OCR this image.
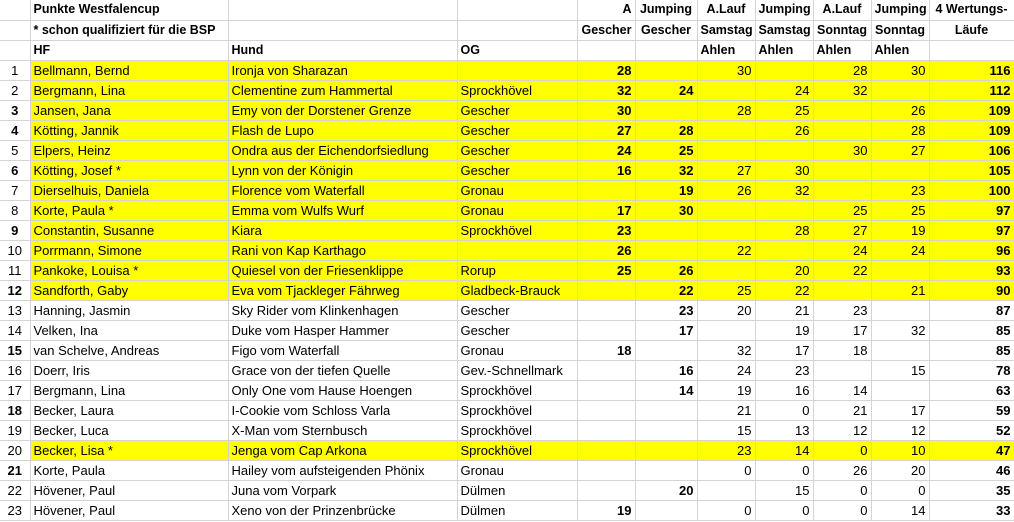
	Punkte Westfalencup			A	Jumping	A.Lauf	Jumping	A.Lauf	Jumping	4 Wertungs-
	* schon qualifiziert für die BSP			Gescher	Gescher	Samstag	Samstag	Sonntag	Sonntag	Läufe
	HF	Hund	OG			Ahlen	Ahlen	Ahlen	Ahlen	
1	Bellmann, Bernd	Ironja von Sharazan		28		30		28	30	116
2	Bergmann, Lina	Clementine zum Hammertal	Sprockhövel	32	24		24	32		112
3	Jansen, Jana	Emy von der Dorstener Grenze	Gescher	30		28	25		26	109
4	Kötting, Jannik	Flash de Lupo	Gescher	27	28		26		28	109
5	Elpers, Heinz	Ondra aus der Eichendorfsiedlung	Gescher	24	25			30	27	106
6	Kötting, Josef *	Lynn von der Königin	Gescher	16	32	27	30			105
7	Dierselhuis, Daniela	Florence vom Waterfall	Gronau		19	26	32		23	100
8	Korte, Paula *	Emma vom Wulfs Wurf	Gronau	17	30			25	25	97
9	Constantin, Susanne	Kiara	Sprockhövel	23			28	27	19	97
10	Porrmann, Simone	Rani von Kap Karthago		26		22		24	24	96
11	Pankoke, Louisa *	Quiesel von der Friesenklippe	Rorup	25	26		20	22		93
12	Sandforth, Gaby	Eva vom Tjackleger Fährweg	Gladbeck-Brauck		22	25	22		21	90
13	Hanning, Jasmin	Sky Rider vom Klinkenhagen	Gescher		23	20	21	23		87
14	Velken, Ina	Duke vom Hasper Hammer	Gescher		17		19	17	32	85
15	van Schelve, Andreas	Figo vom Waterfall	Gronau	18		32	17	18		85
16	Doerr, Iris	Grace von der tiefen Quelle	Gev.-Schnellmark		16	24	23		15	78
17	Bergmann, Lina	Only One vom Hause Hoengen	Sprockhövel		14	19	16	14		63
18	Becker, Laura	I-Cookie vom Schloss Varla	Sprockhövel			21	0	21	17	59
19	Becker, Luca	X-Man vom Sternbusch	Sprockhövel			15	13	12	12	52
20	Becker, Lisa *	Jenga vom Cap Arkona	Sprockhövel			23	14	0	10	47
21	Korte, Paula	Hailey vom aufsteigenden Phönix	Gronau			0	0	26	20	46
22	Hövener, Paul	Juna vom Vorpark	Dülmen		20		15	0	0	35
23	Hövener, Paul	Xeno von der Prinzenbrücke	Dülmen	19		0	0	0	14	33
